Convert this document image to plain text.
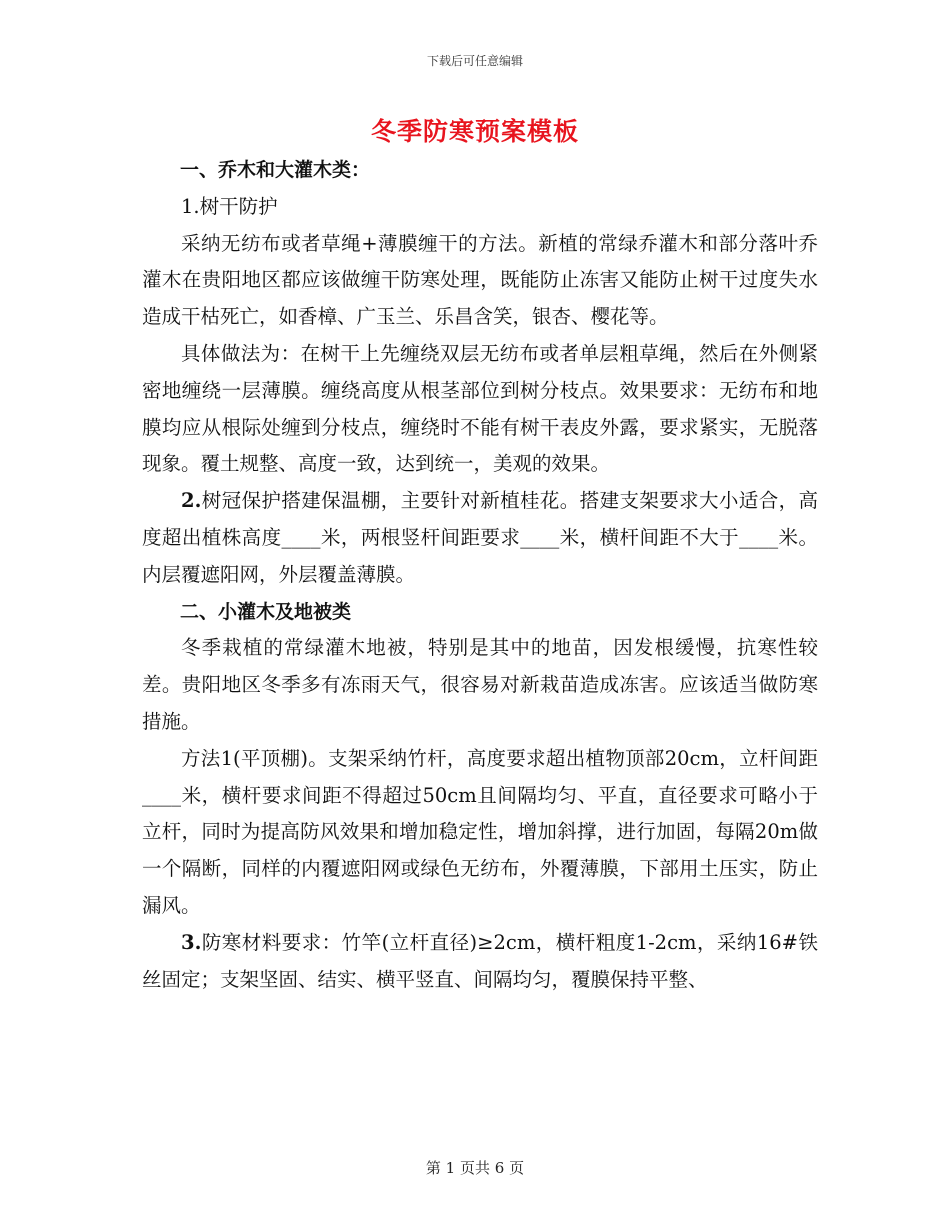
下载后可任意编辑
冬季防寒预案模板

一、乔木和大灌木类：

1.树干防护

采纳无纺布或者草绳+薄膜缠干的方法。新植的常绿乔灌木和部分落叶乔灌木在贵阳地区都应该做缠干防寒处理，既能防止冻害又能防止树干过度失水造成干枯死亡，如香樟、广玉兰、乐昌含笑，银杏、樱花等。

具体做法为：在树干上先缠绕双层无纺布或者单层粗草绳，然后在外侧紧密地缠绕一层薄膜。缠绕高度从根茎部位到树分枝点。效果要求：无纺布和地膜均应从根际处缠到分枝点，缠绕时不能有树干表皮外露，要求紧实，无脱落现象。覆土规整、高度一致，达到统一，美观的效果。

2.树冠保护搭建保温棚，主要针对新植桂花。搭建支架要求大小适合，高度超出植株高度____米，两根竖杆间距要求____米，横杆间距不大于____米。内层覆遮阳网，外层覆盖薄膜。

二、小灌木及地被类

冬季栽植的常绿灌木地被，特别是其中的地苗，因发根缓慢，抗寒性较差。贵阳地区冬季多有冻雨天气，很容易对新栽苗造成冻害。应该适当做防寒措施。

方法1(平顶棚)。支架采纳竹杆，高度要求超出植物顶部20cm，立杆间距____米，横杆要求间距不得超过50cm且间隔均匀、平直，直径要求可略小于立杆，同时为提高防风效果和增加稳定性，增加斜撑，进行加固，每隔20m做一个隔断，同样的内覆遮阳网或绿色无纺布，外覆薄膜，下部用土压实，防止漏风。

3.防寒材料要求：竹竿(立杆直径)≥2cm，横杆粗度1-2cm，采纳16#铁丝固定；支架坚固、结实、横平竖直、间隔均匀，覆膜保持平整、

第 1 页共 6 页
